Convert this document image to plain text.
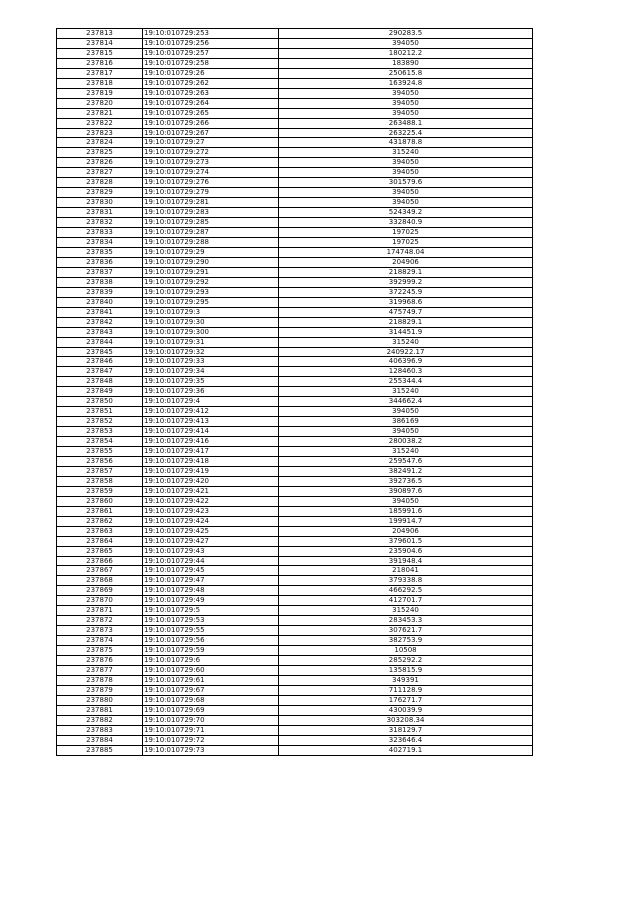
237813	19:10:010729:253	290283.5
237814	19:10:010729:256	394050
237815	19:10:010729:257	180212.2
237816	19:10:010729:258	183890
237817	19:10:010729:26	250615.8
237818	19:10:010729:262	163924.8
237819	19:10:010729:263	394050
237820	19:10:010729:264	394050
237821	19:10:010729:265	394050
237822	19:10:010729:266	263488.1
237823	19:10:010729:267	263225.4
237824	19:10:010729:27	431878.8
237825	19:10:010729:272	315240
237826	19:10:010729:273	394050
237827	19:10:010729:274	394050
237828	19:10:010729:276	301579.6
237829	19:10:010729:279	394050
237830	19:10:010729:281	394050
237831	19:10:010729:283	524349.2
237832	19:10:010729:285	332840.9
237833	19:10:010729:287	197025
237834	19:10:010729:288	197025
237835	19:10:010729:29	174748.04
237836	19:10:010729:290	204906
237837	19:10:010729:291	218829.1
237838	19:10:010729:292	392999.2
237839	19:10:010729:293	372245.9
237840	19:10:010729:295	319968.6
237841	19:10:010729:3	475749.7
237842	19:10:010729:30	218829.1
237843	19:10:010729:300	314451.9
237844	19:10:010729:31	315240
237845	19:10:010729:32	240922.17
237846	19:10:010729:33	406396.9
237847	19:10:010729:34	128460.3
237848	19:10:010729:35	255344.4
237849	19:10:010729:36	315240
237850	19:10:010729:4	344662.4
237851	19:10:010729:412	394050
237852	19:10:010729:413	386169
237853	19:10:010729:414	394050
237854	19:10:010729:416	280038.2
237855	19:10:010729:417	315240
237856	19:10:010729:418	259547.6
237857	19:10:010729:419	382491.2
237858	19:10:010729:420	392736.5
237859	19:10:010729:421	390897.6
237860	19:10:010729:422	394050
237861	19:10:010729:423	185991.6
237862	19:10:010729:424	199914.7
237863	19:10:010729:425	204906
237864	19:10:010729:427	379601.5
237865	19:10:010729:43	235904.6
237866	19:10:010729:44	391948.4
237867	19:10:010729:45	218041
237868	19:10:010729:47	379338.8
237869	19:10:010729:48	466292.5
237870	19:10:010729:49	412701.7
237871	19:10:010729:5	315240
237872	19:10:010729:53	283453.3
237873	19:10:010729:55	307621.7
237874	19:10:010729:56	382753.9
237875	19:10:010729:59	10508
237876	19:10:010729:6	285292.2
237877	19:10:010729:60	135815.9
237878	19:10:010729:61	349391
237879	19:10:010729:67	711128.9
237880	19:10:010729:68	176271.7
237881	19:10:010729:69	430039.9
237882	19:10:010729:70	303208.34
237883	19:10:010729:71	318129.7
237884	19:10:010729:72	323646.4
237885	19:10:010729:73	402719.1
